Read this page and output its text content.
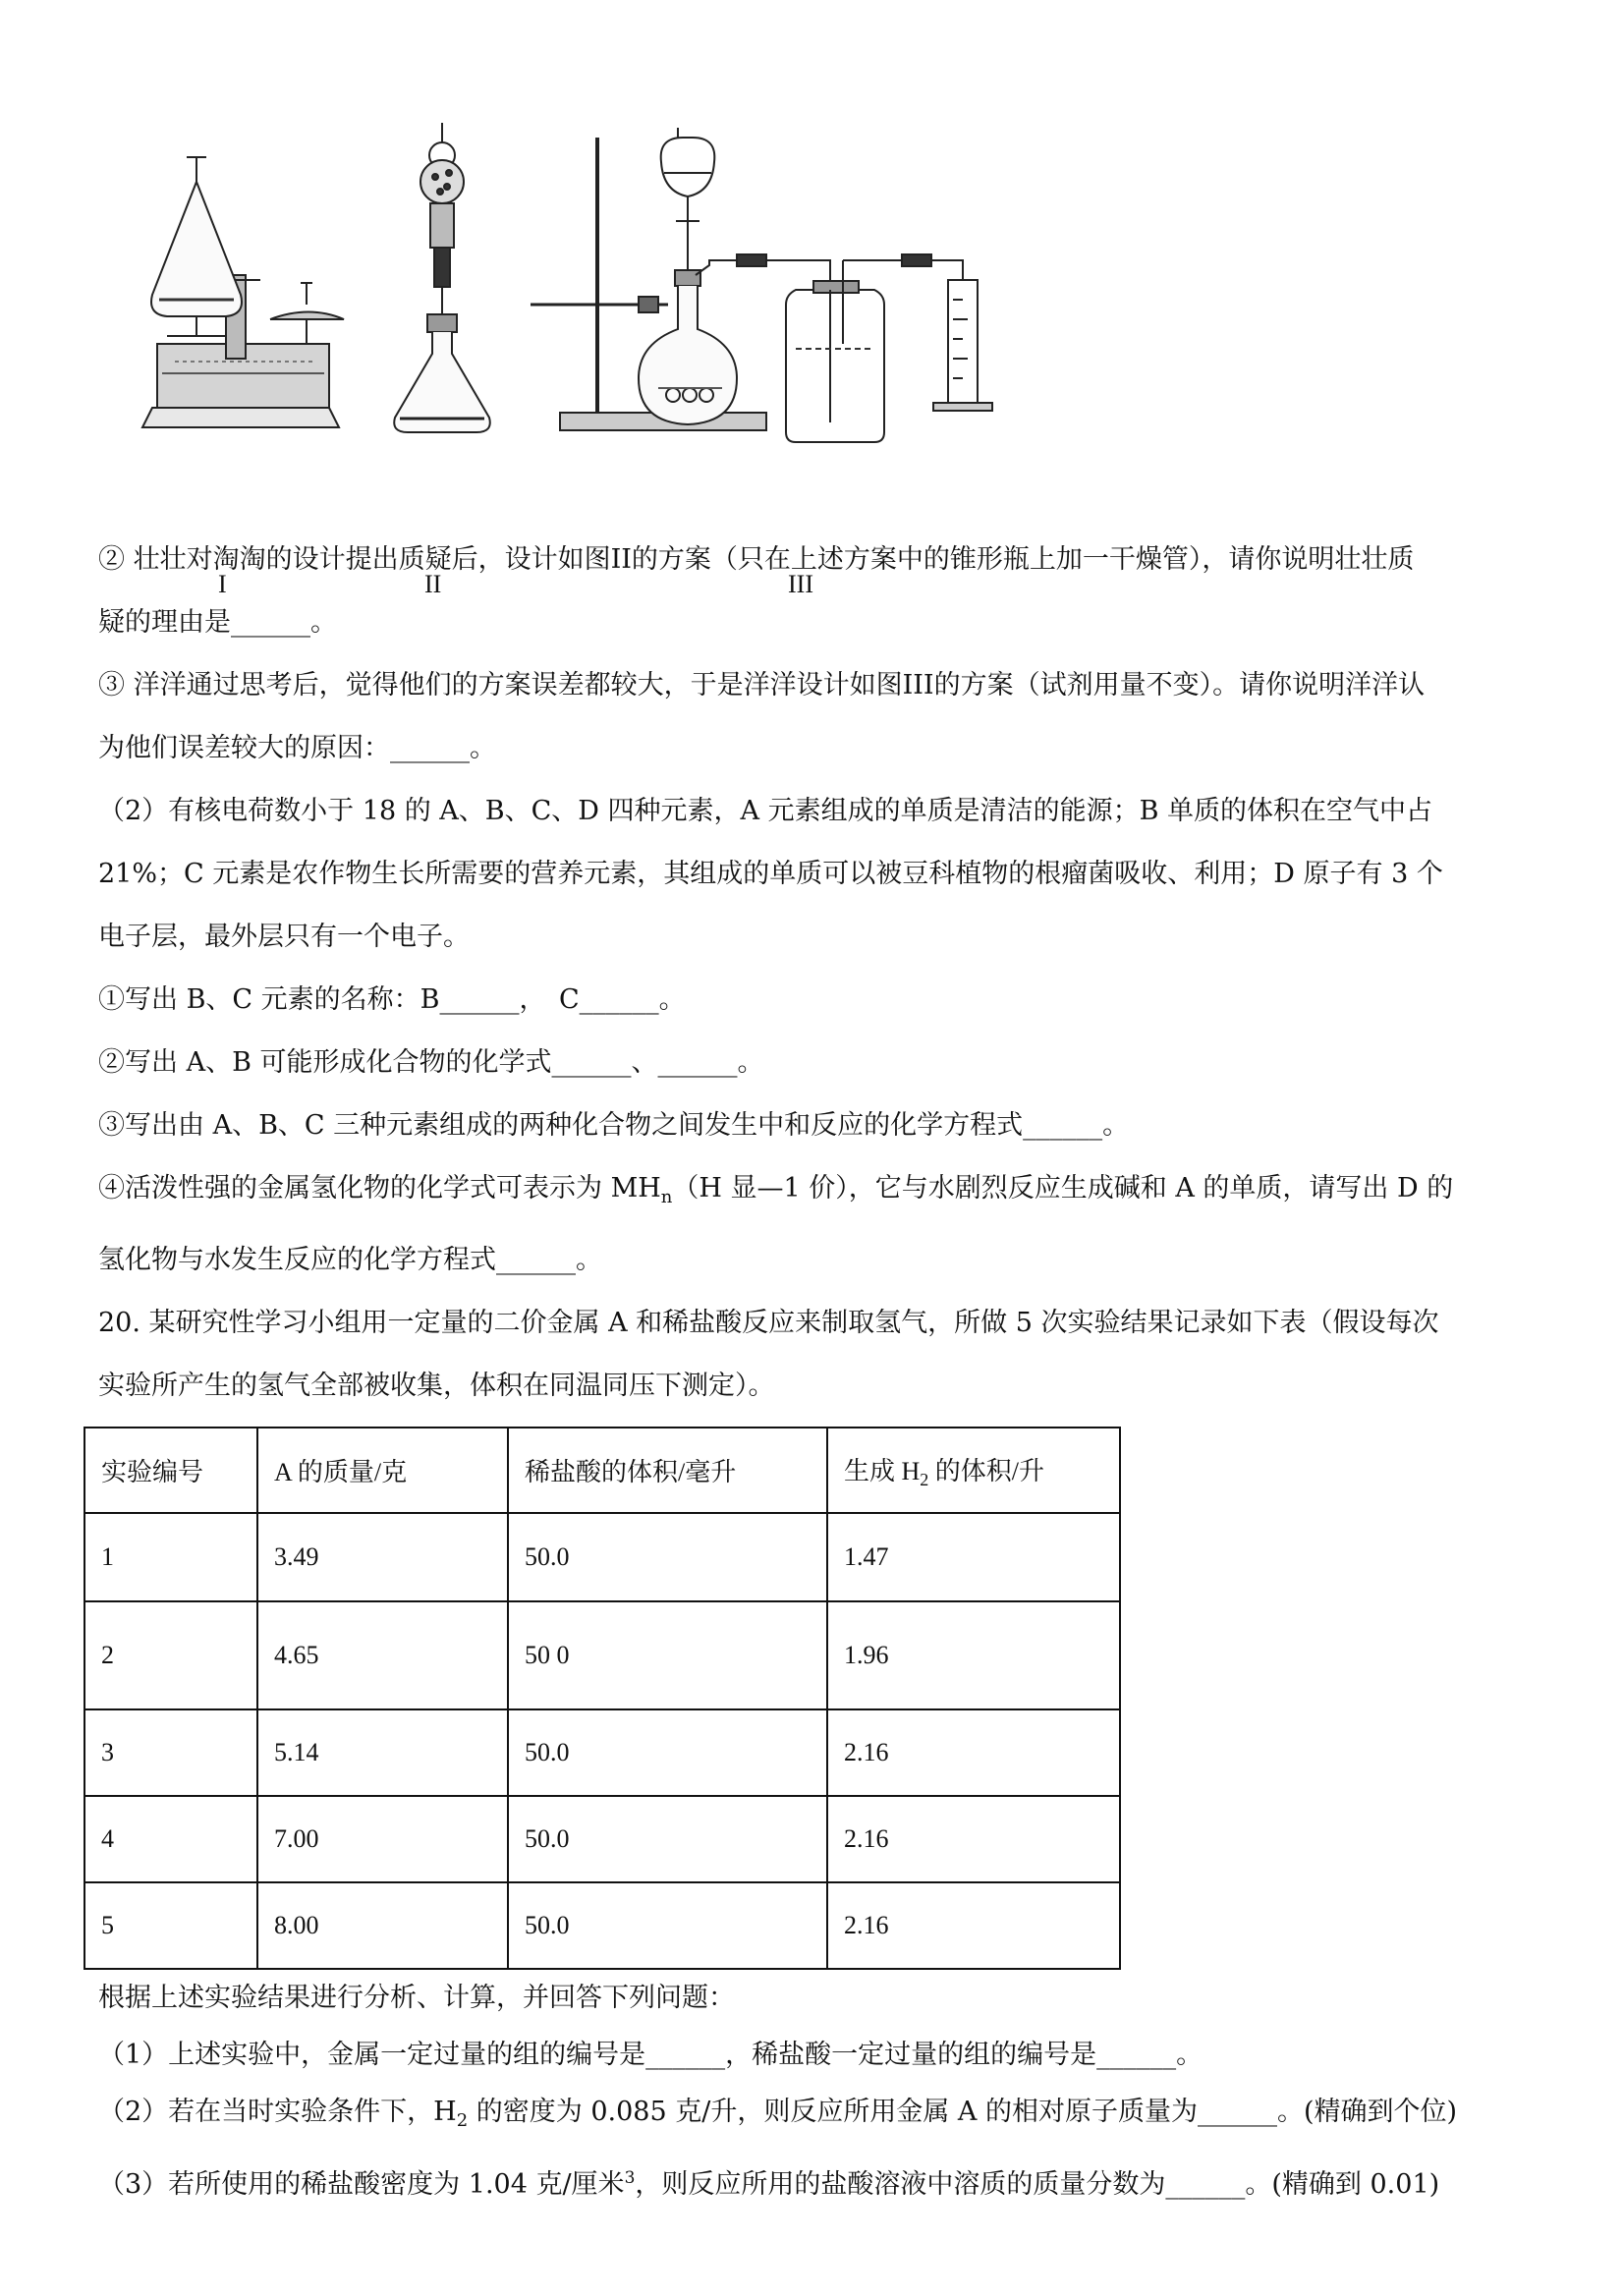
I	II	III

② 壮壮对淘淘的设计提出质疑后，设计如图II的方案（只在上述方案中的锥形瓶上加一干燥管），请你说明壮壮质

疑的理由是______。

③ 洋洋通过思考后，觉得他们的方案误差都较大，于是洋洋设计如图III的方案（试剂用量不变）。请你说明洋洋认

为他们误差较大的原因：______。

（2）有核电荷数小于 18 的 A、B、C、D 四种元素，A 元素组成的单质是清洁的能源；B 单质的体积在空气中占

21%；C 元素是农作物生长所需要的营养元素，其组成的单质可以被豆科植物的根瘤菌吸收、利用；D 原子有 3 个

电子层，最外层只有一个电子。

①写出 B、C 元素的名称：B______，　C______。

②写出 A、B 可能形成化合物的化学式______、______。

③写出由 A、B、C 三种元素组成的两种化合物之间发生中和反应的化学方程式______。

④活泼性强的金属氢化物的化学式可表示为 $MH_n(H$ 显—1 价），它与水剧烈反应生成碱和 A 的单质，请写出 D 的

氢化物与水发生反应的化学方程式______。

20. 某研究性学习小组用一定量的二价金属 A 和稀盐酸反应来制取氢气，所做 5 次实验结果记录如下表（假设每次

实验所产生的氢气全部被收集，体积在同温同压下测定）。

实验编号	A 的质量/克	稀盐酸的体积/毫升	生成 $H_2$ 的体积/升
1	3.49	50.0	1.47
2	4.65	50 0	1.96
3	5.14	50.0	2.16
4	7.00	50.0	2.16
5	8.00	50.0	2.16

根据上述实验结果进行分析、计算，并回答下列问题：

（1）上述实验中，金属一定过量的组的编号是______，稀盐酸一定过量的组的编号是______。

（2）若在当时实验条件下，$H_2$ 的密度为 0.085 克/升，则反应所用金属 A 的相对原子质量为______。(精确到个位)

（3）若所使用的稀盐酸密度为 1.04 克/厘米$^3$，则反应所用的盐酸溶液中溶质的质量分数为______。(精确到 0.01)
